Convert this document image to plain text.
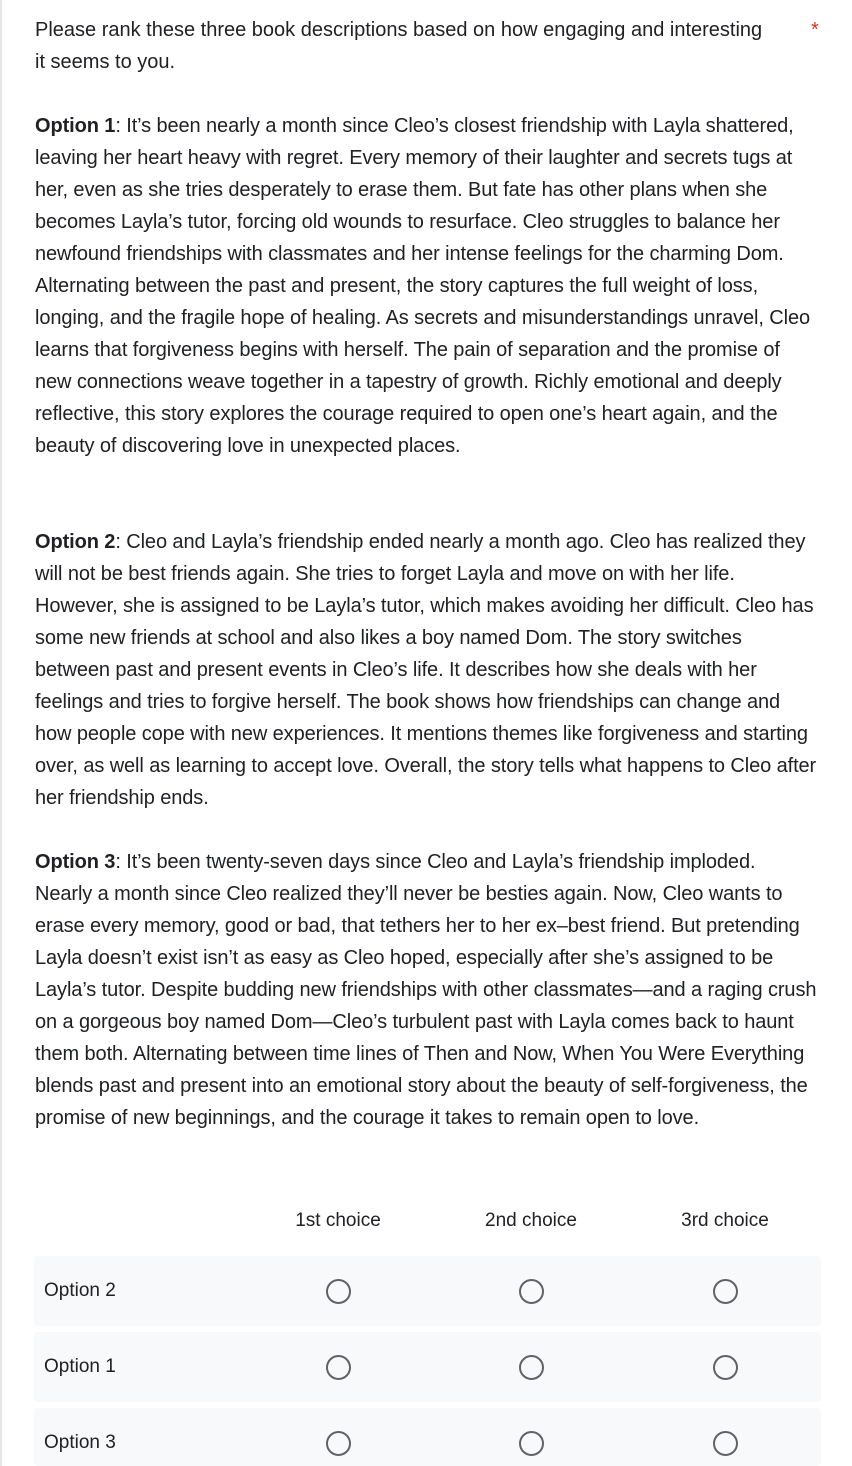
Please rank these three book descriptions based on how engaging and interesting it seems to you.

*

Option 1: It’s been nearly a month since Cleo’s closest friendship with Layla shattered, leaving her heart heavy with regret. Every memory of their laughter and secrets tugs at her, even as she tries desperately to erase them. But fate has other plans when she becomes Layla’s tutor, forcing old wounds to resurface. Cleo struggles to balance her newfound friendships with classmates and her intense feelings for the charming Dom. Alternating between the past and present, the story captures the full weight of loss, longing, and the fragile hope of healing. As secrets and misunderstandings unravel, Cleo learns that forgiveness begins with herself. The pain of separation and the promise of new connections weave together in a tapestry of growth. Richly emotional and deeply reflective, this story explores the courage required to open one’s heart again, and the beauty of discovering love in unexpected places.

Option 2: Cleo and Layla’s friendship ended nearly a month ago. Cleo has realized they will not be best friends again. She tries to forget Layla and move on with her life. However, she is assigned to be Layla’s tutor, which makes avoiding her difficult. Cleo has some new friends at school and also likes a boy named Dom. The story switches between past and present events in Cleo’s life. It describes how she deals with her feelings and tries to forgive herself. The book shows how friendships can change and how people cope with new experiences. It mentions themes like forgiveness and starting over, as well as learning to accept love. Overall, the story tells what happens to Cleo after her friendship ends.

Option 3: It’s been twenty-seven days since Cleo and Layla’s friendship imploded. Nearly a month since Cleo realized they’ll never be besties again. Now, Cleo wants to erase every memory, good or bad, that tethers her to her ex–best friend. But pretending Layla doesn’t exist isn’t as easy as Cleo hoped, especially after she’s assigned to be Layla’s tutor. Despite budding new friendships with other classmates—and a raging crush on a gorgeous boy named Dom—Cleo’s turbulent past with Layla comes back to haunt them both. Alternating between time lines of Then and Now, When You Were Everything blends past and present into an emotional story about the beauty of self-forgiveness, the promise of new beginnings, and the courage it takes to remain open to love.

1st choice	2nd choice	3rd choice
Option 2
Option 1
Option 3
